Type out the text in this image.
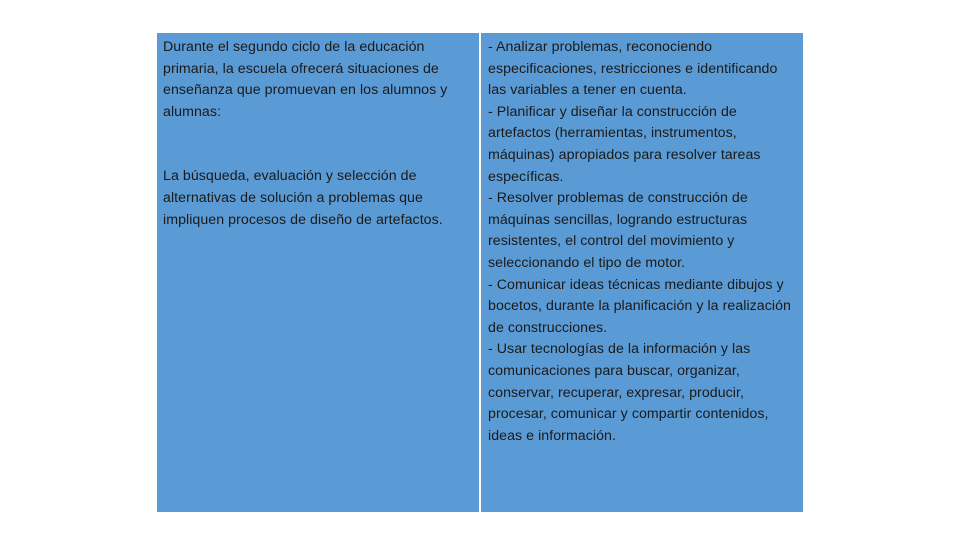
Durante el segundo ciclo de la educación primaria, la escuela ofrecerá situaciones de enseñanza que promuevan en los alumnos y alumnas:

La búsqueda, evaluación y selección de alternativas de solución a problemas que impliquen procesos de diseño de artefactos.

- Analizar problemas, reconociendo especificaciones, restricciones e identificando las variables a tener en cuenta.

- Planificar y diseñar la construcción de artefactos (herramientas, instrumentos, máquinas) apropiados para resolver tareas específicas.

- Resolver problemas de construcción de máquinas sencillas, logrando estructuras resistentes, el control del movimiento y seleccionando el tipo de motor.

- Comunicar ideas técnicas mediante dibujos y bocetos, durante la planificación y la realización de construcciones.

- Usar tecnologías de la información y las comunicaciones para buscar, organizar, conservar, recuperar, expresar, producir, procesar, comunicar y compartir contenidos, ideas e información.
